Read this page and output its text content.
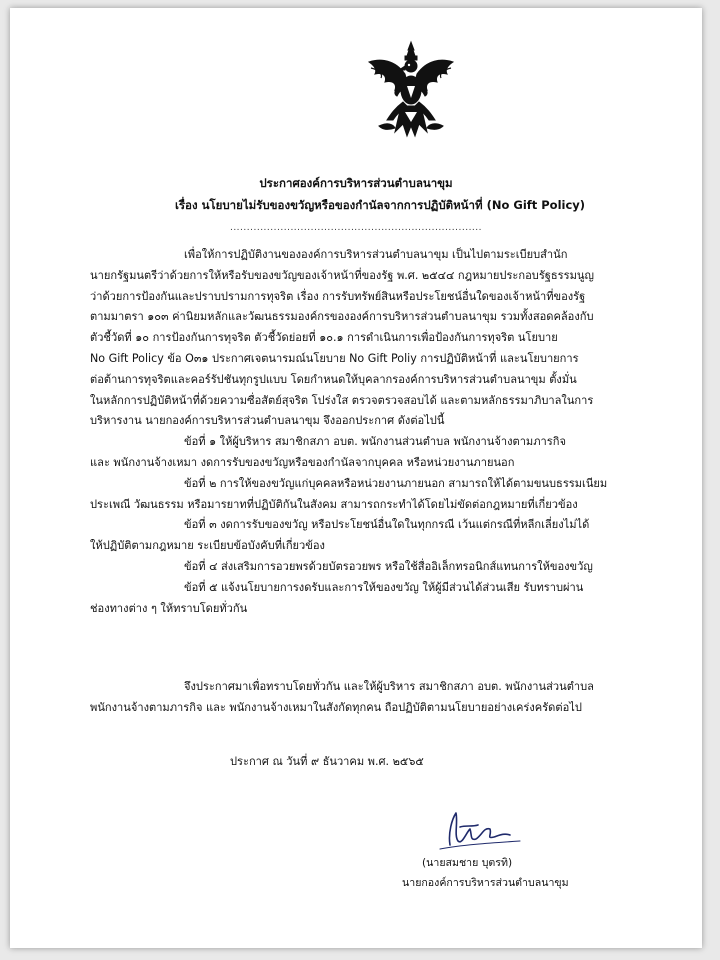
ประกาศองค์การบริหารส่วนตำบลนาขุม
เรื่อง นโยบายไม่รับของขวัญหรือของกำนัลจากการปฏิบัติหน้าที่ (No Gift Policy)
...........................................................................
เพื่อให้การปฏิบัติงานขององค์การบริหารส่วนตำบลนาขุม เป็นไปตามระเบียบสำนัก
นายกรัฐมนตรีว่าด้วยการให้หรือรับของขวัญของเจ้าหน้าที่ของรัฐ พ.ศ. ๒๕๔๔ กฎหมายประกอบรัฐธรรมนูญ
ว่าด้วยการป้องกันและปราบปรามการทุจริต เรื่อง การรับทรัพย์สินหรือประโยชน์อื่นใดของเจ้าหน้าที่ของรัฐ
ตามมาตรา ๑๐๓ ค่านิยมหลักและวัฒนธรรมองค์กรขององค์การบริหารส่วนตำบลนาขุม รวมทั้งสอดคล้องกับ
ตัวชี้วัดที่ ๑๐ การป้องกันการทุจริต ตัวชี้วัดย่อยที่ ๑๐.๑ การดำเนินการเพื่อป้องกันการทุจริต นโยบาย
No Gift Policy ข้อ O๓๑ ประกาศเจตนารมณ์นโยบาย No Gift Poliy การปฏิบัติหน้าที่ และนโยบายการ
ต่อต้านการทุจริตและคอร์รัปชันทุกรูปแบบ โดยกำหนดให้บุคลากรองค์การบริหารส่วนตำบลนาขุม ตั้งมั่น
ในหลักการปฏิบัติหน้าที่ด้วยความซื่อสัตย์สุจริต โปร่งใส ตรวจตรวจสอบได้ และตามหลักธรรมาภิบาลในการ
บริหารงาน นายกองค์การบริหารส่วนตำบลนาขุม จึงออกประกาศ ดังต่อไปนี้
ข้อที่ ๑ ให้ผู้บริหาร สมาชิกสภา อบต. พนักงานส่วนตำบล พนักงานจ้างตามภารกิจ
และ พนักงานจ้างเหมา งดการรับของขวัญหรือของกำนัลจากบุคคล หรือหน่วยงานภายนอก
ข้อที่ ๒ การให้ของขวัญแก่บุคคลหรือหน่วยงานภายนอก สามารถให้ได้ตามขนบธรรมเนียม
ประเพณี วัฒนธรรม หรือมารยาทที่ปฏิบัติกันในสังคม สามารถกระทำได้โดยไม่ขัดต่อกฎหมายที่เกี่ยวข้อง
ข้อที่ ๓ งดการรับของขวัญ หรือประโยชน์อื่นใดในทุกกรณี เว้นแต่กรณีที่หลีกเลี่ยงไม่ได้
ให้ปฏิบัติตามกฎหมาย ระเบียบข้อบังคับที่เกี่ยวข้อง
ข้อที่ ๔ ส่งเสริมการอวยพรด้วยบัตรอวยพร หรือใช้สื่ออิเล็กทรอนิกส์แทนการให้ของขวัญ
ข้อที่ ๕ แจ้งนโยบายการงดรับและการให้ของขวัญ ให้ผู้มีส่วนได้ส่วนเสีย รับทราบผ่าน
ช่องทางต่าง ๆ ให้ทราบโดยทั่วกัน
จึงประกาศมาเพื่อทราบโดยทั่วกัน และให้ผู้บริหาร สมาชิกสภา อบต. พนักงานส่วนตำบล
พนักงานจ้างตามภารกิจ และ พนักงานจ้างเหมาในสังกัดทุกคน ถือปฏิบัติตามนโยบายอย่างเคร่งครัดต่อไป
ประกาศ ณ วันที่ ๙ ธันวาคม พ.ศ. ๒๕๖๕
(นายสมชาย บุตรทิ)
นายกองค์การบริหารส่วนตำบลนาขุม
